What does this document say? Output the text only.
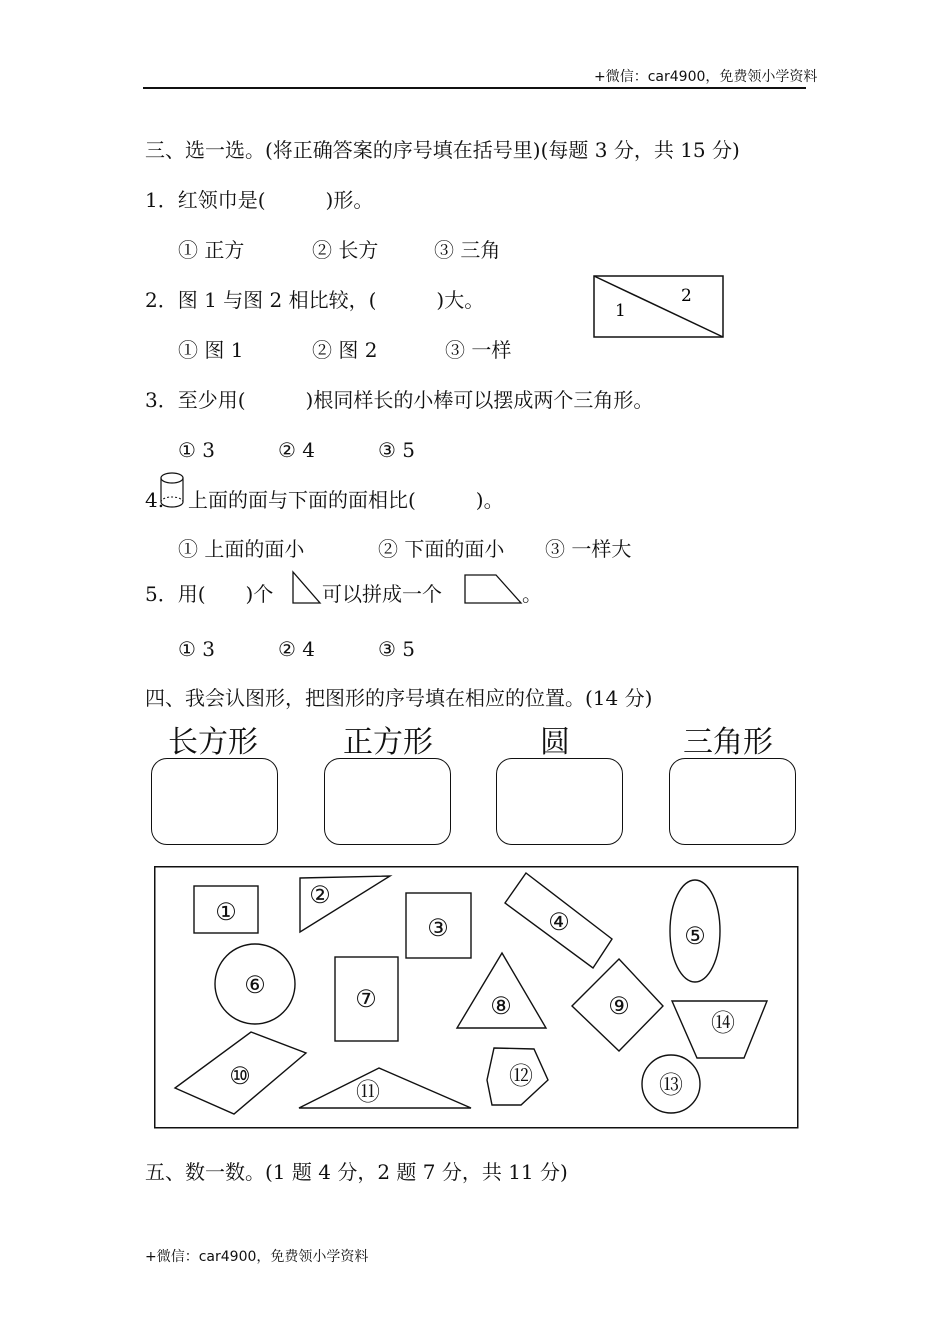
+微信：car4900，免费领小学资料
三、选一选。(将正确答案的序号填在括号里)(每题 3 分，共 15 分)
1．红领巾是(　　　)形。
① 正方	② 长方	③ 三角
2．图 1 与图 2 相比较，(　　　)大。	1
2
① 图 1	② 图 2	③ 一样
3．至少用(　　　)根同样长的小棒可以摆成两个三角形。
① 3	② 4	③ 5
4. 上面的面与下面的面相比(　　　)。
① 上面的面小	② 下面的面小 ③ 一样大
5．用(　　)个 可以拼成一个	。
① 3	② 4	③ 5
四、我会认图形，把图形的序号填在相应的位置。(14 分)
长方形	正方形	圆	三角形
①
②
③	④	⑤
⑥	⑦	⑧	⑨
⑩
⑪
⑫	⑬
⑭
五、数一数。(1 题 4 分，2 题 7 分，共 11 分)
+微信：car4900，免费领小学资料
